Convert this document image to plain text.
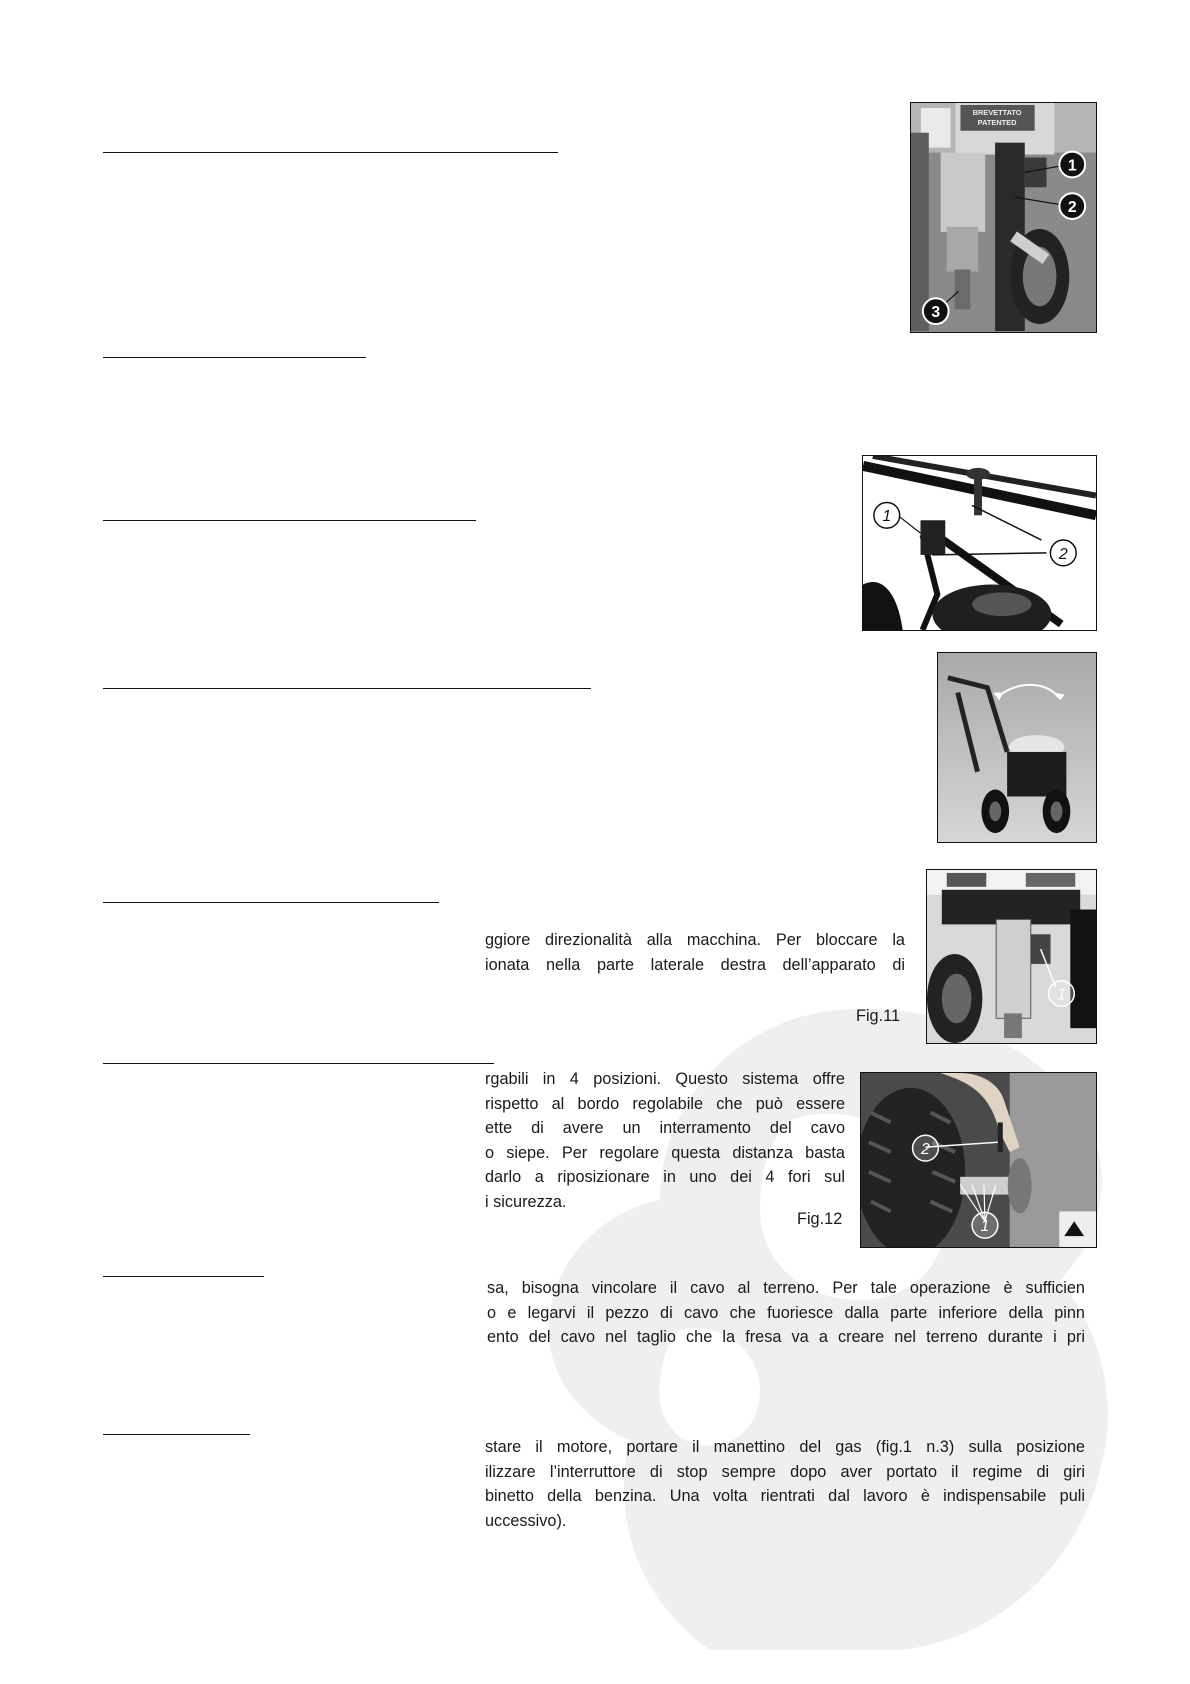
BREVETTATO
PATENTED
1
2
3
1
2
1
ggiore direzionalità alla macchina. Per bloccare la
ionata nella parte laterale destra dell’apparato di
Fig.11
2
1
rgabili in 4 posizioni. Questo sistema offre
rispetto al bordo regolabile che può essere
ette di avere un interramento del cavo
o siepe. Per regolare questa distanza basta
darlo a riposizionare in uno dei 4 fori sul
i sicurezza.
Fig.12
sa, bisogna vincolare il cavo al terreno. Per tale operazione è sufficien
o e legarvi il pezzo di cavo che fuoriesce dalla parte inferiore della pinn
ento del cavo nel taglio che la fresa va a creare nel terreno durante i pri
stare il motore, portare il manettino del gas (fig.1 n.3) sulla posizione
ilizzare l’interruttore di stop sempre dopo aver portato il regime di giri
binetto della benzina. Una volta rientrati dal lavoro è indispensabile puli
uccessivo).
